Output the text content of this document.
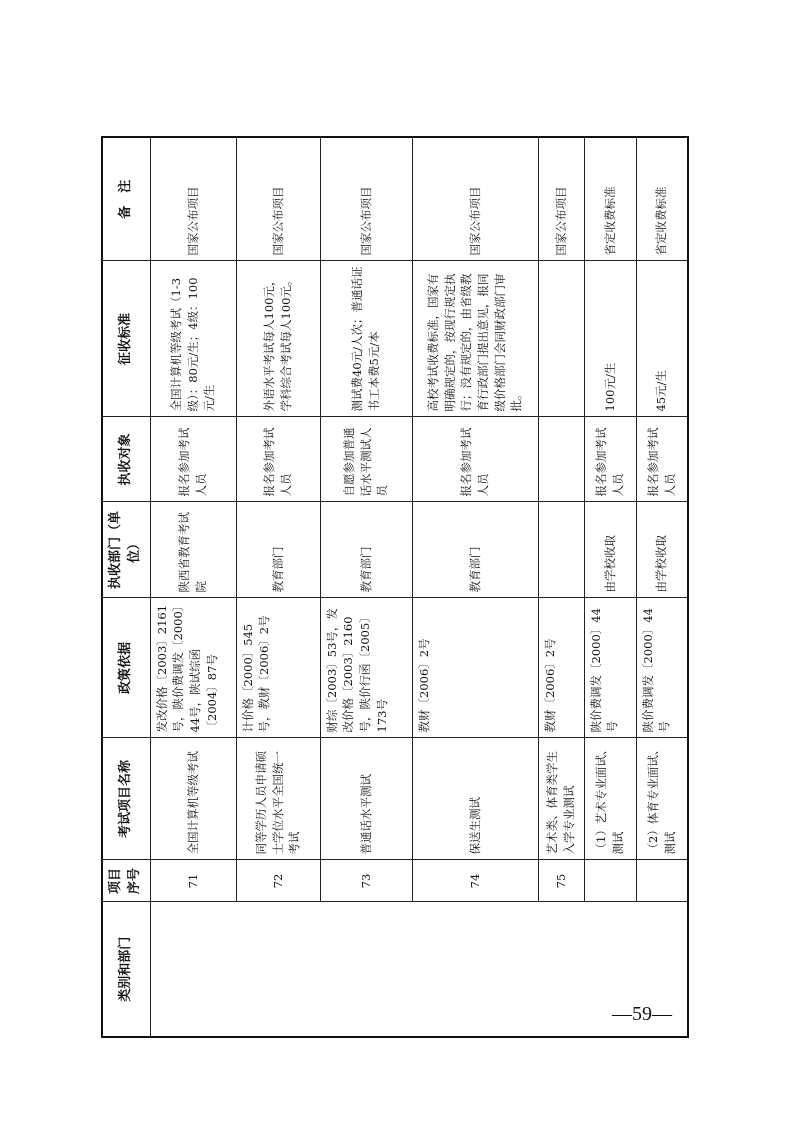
类别和部门	项目序号	考试项目名称	政策依据	执收部门（单位）	执收对象	征收标准	备　注
	71	全国计算机等级考试	发改价格〔2003〕2161号，陕价费调发〔2000〕44号，陕试综函〔2004〕87号	陕西省教育考试院	报名参加考试人员	全国计算机等级考试（1-3级）：80元/生；4级：100元/生	国家公布项目
	72	同等学历人员申请硕士学位水平全国统一考试	计价格〔2000〕545号，教财〔2006〕2号	教育部门	报名参加考试人员	外语水平考试每人100元，学科综合考试每人100元。	国家公布项目
	73	普通话水平测试	财综〔2003〕53号，发改价格〔2003〕2160号，陕价行函〔2005〕173号	教育部门	自愿参加普通话水平测试人员	测试费40元/人次；普通话证书工本费5元/本	国家公布项目
	74	保送生测试	教财〔2006〕2号	教育部门	报名参加考试人员	高校考试收费标准，国家有明确规定的，按现行规定执行；没有规定的，由省级教育行政部门提出意见，报同级价格部门会同财政部门审批。	国家公布项目
	75	艺术类、体育类学生入学专业测试	教财〔2006〕2号				国家公布项目
		（1）艺术专业面试、测试	陕价费调发〔2000〕44号	由学校收取	报名参加考试人员	100元/生	省定收费标准
		（2）体育专业面试、测试	陕价费调发〔2000〕44号	由学校收取	报名参加考试人员	45元/生	省定收费标准
—59—
